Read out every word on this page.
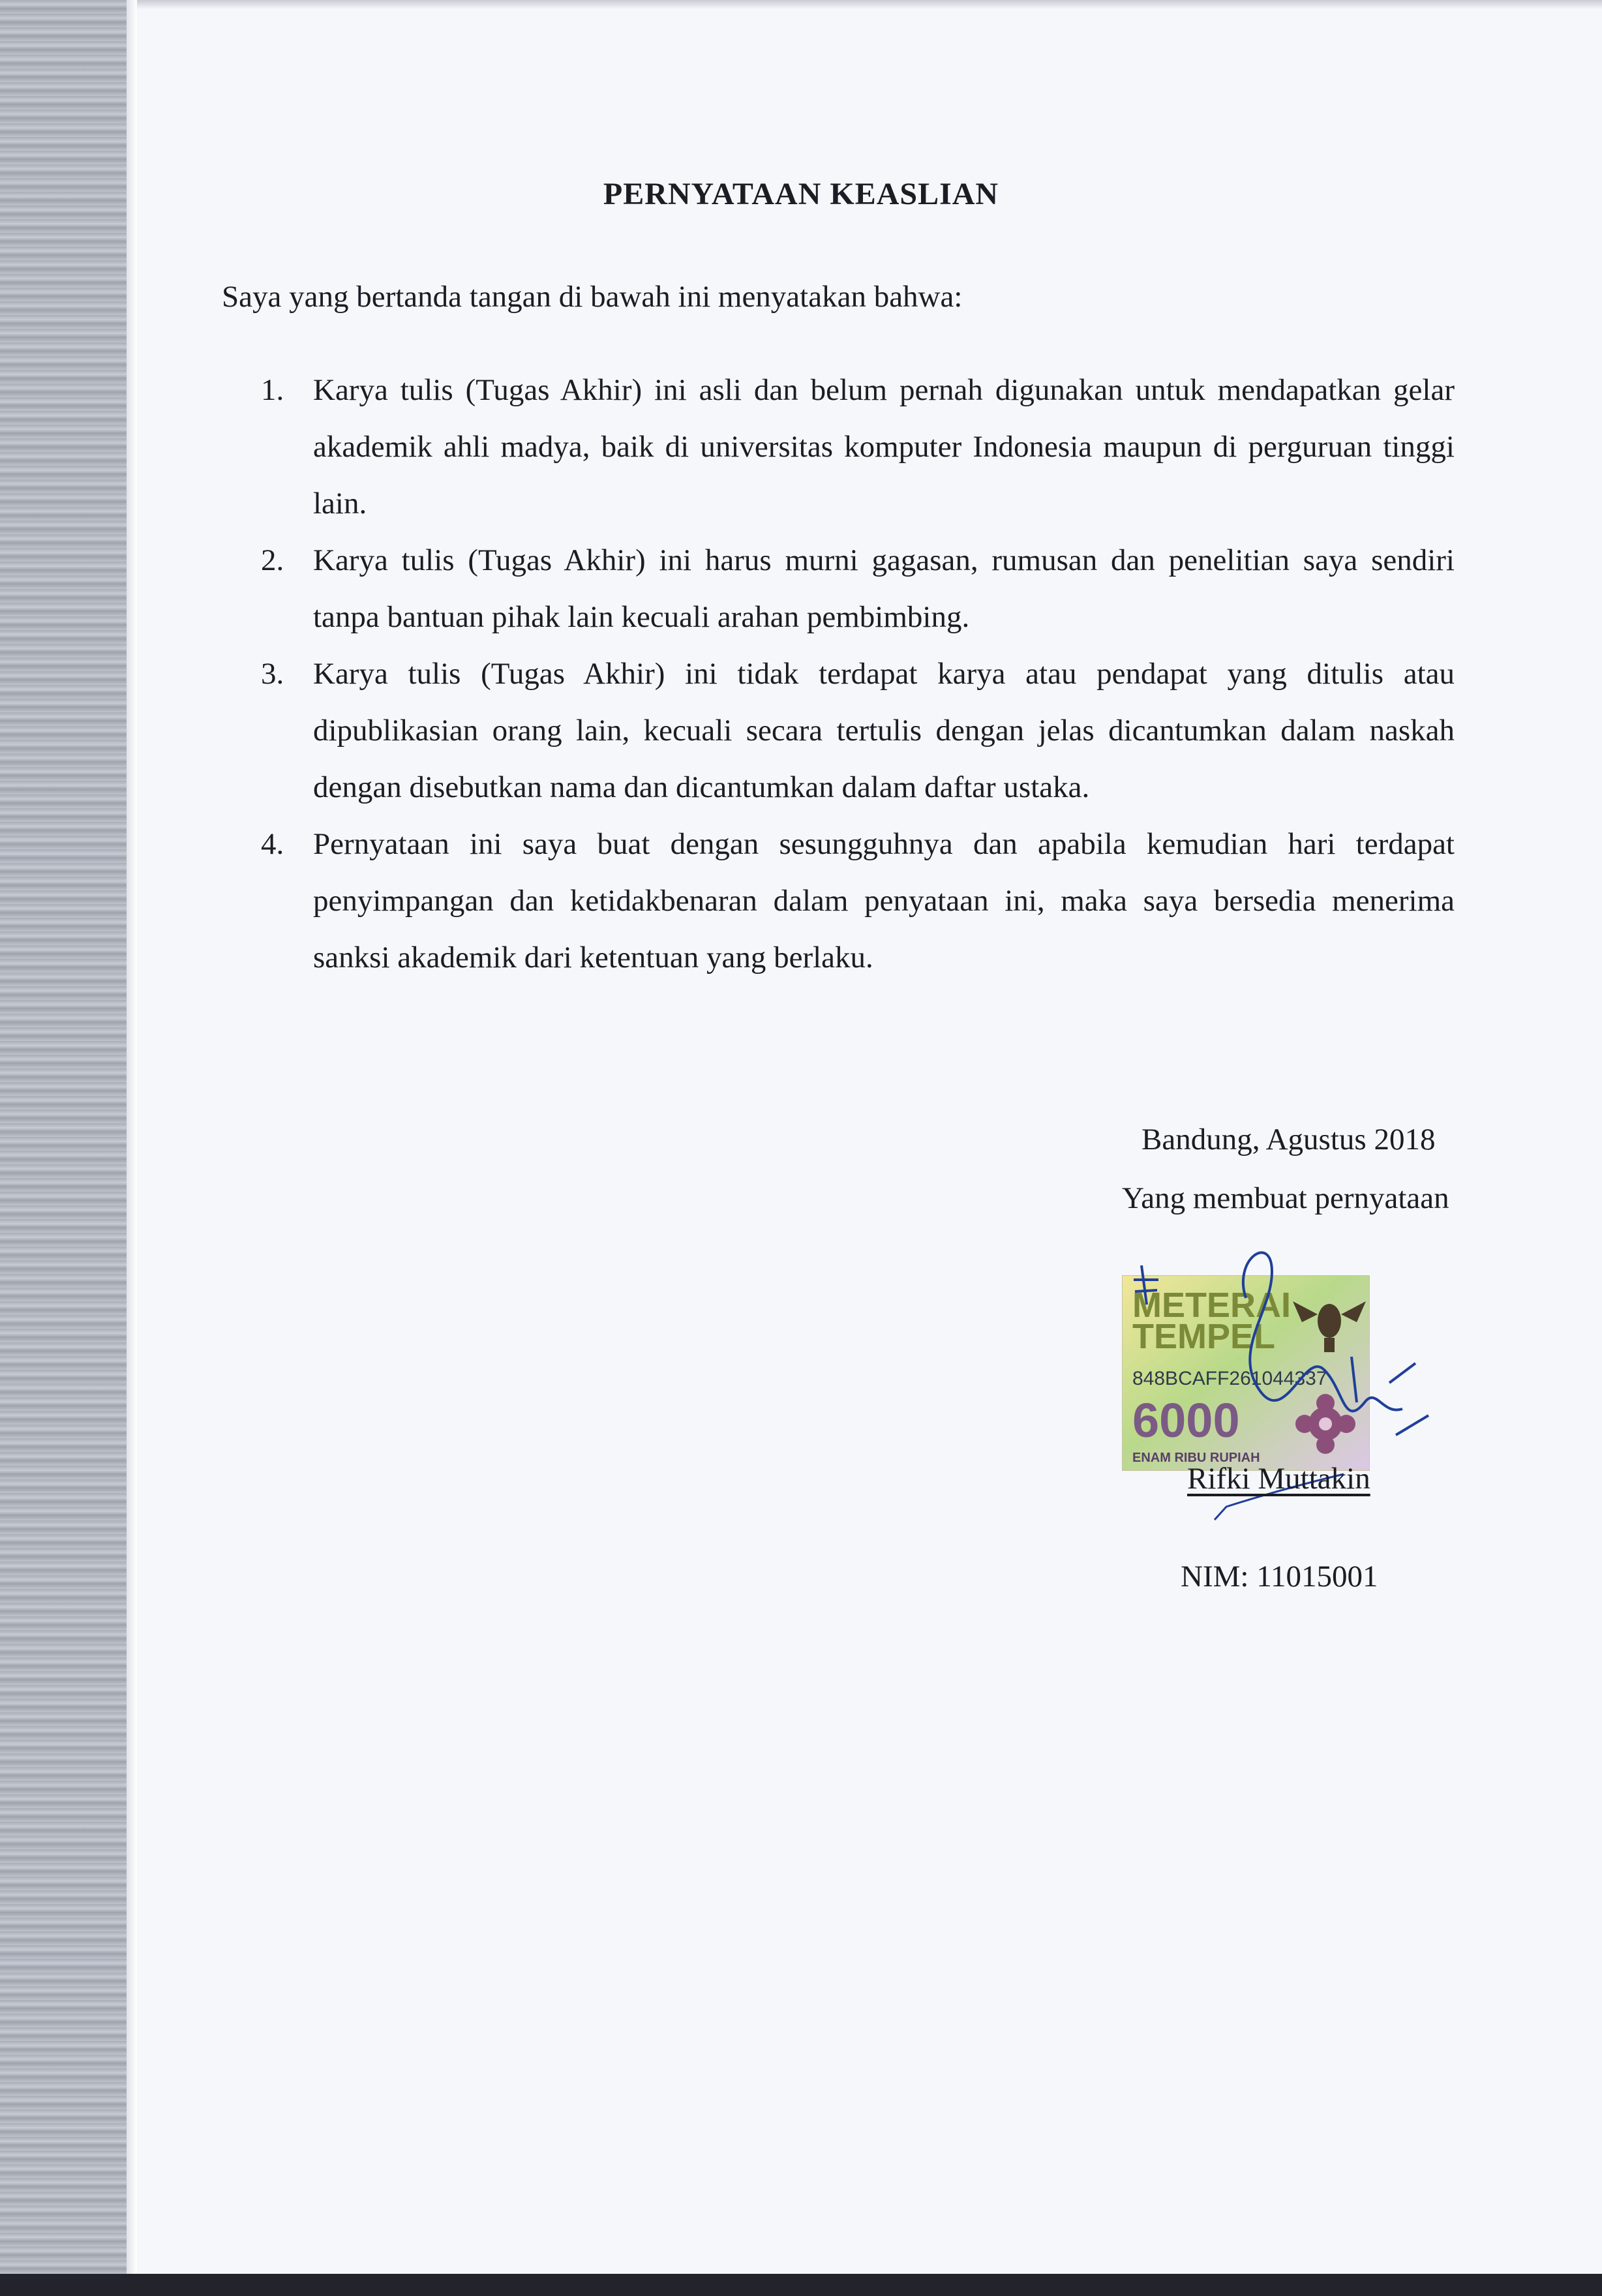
PERNYATAAN KEASLIAN

Saya yang bertanda tangan di bawah ini menyatakan bahwa:

1. Karya tulis (Tugas Akhir) ini asli dan belum pernah digunakan untuk mendapatkan gelar akademik ahli madya, baik di universitas komputer Indonesia maupun di perguruan tinggi lain.
2. Karya tulis (Tugas Akhir) ini harus murni gagasan, rumusan dan penelitian saya sendiri tanpa bantuan pihak lain kecuali arahan pembimbing.
3. Karya tulis (Tugas Akhir) ini tidak terdapat karya atau pendapat yang ditulis atau dipublikasian orang lain, kecuali secara tertulis dengan jelas dicantumkan dalam naskah dengan disebutkan nama dan dicantumkan dalam daftar ustaka.
4. Pernyataan ini saya buat dengan sesungguhnya dan apabila kemudian hari terdapat penyimpangan dan ketidakbenaran dalam penyataan ini, maka saya bersedia menerima sanksi akademik dari ketentuan yang berlaku.

Bandung, Agustus 2018

Yang membuat pernyataan

METERAI
TEMPEL
848BCAFF261044337
6000
ENAM RIBU RUPIAH

Rifki Muttakin

NIM: 11015001
